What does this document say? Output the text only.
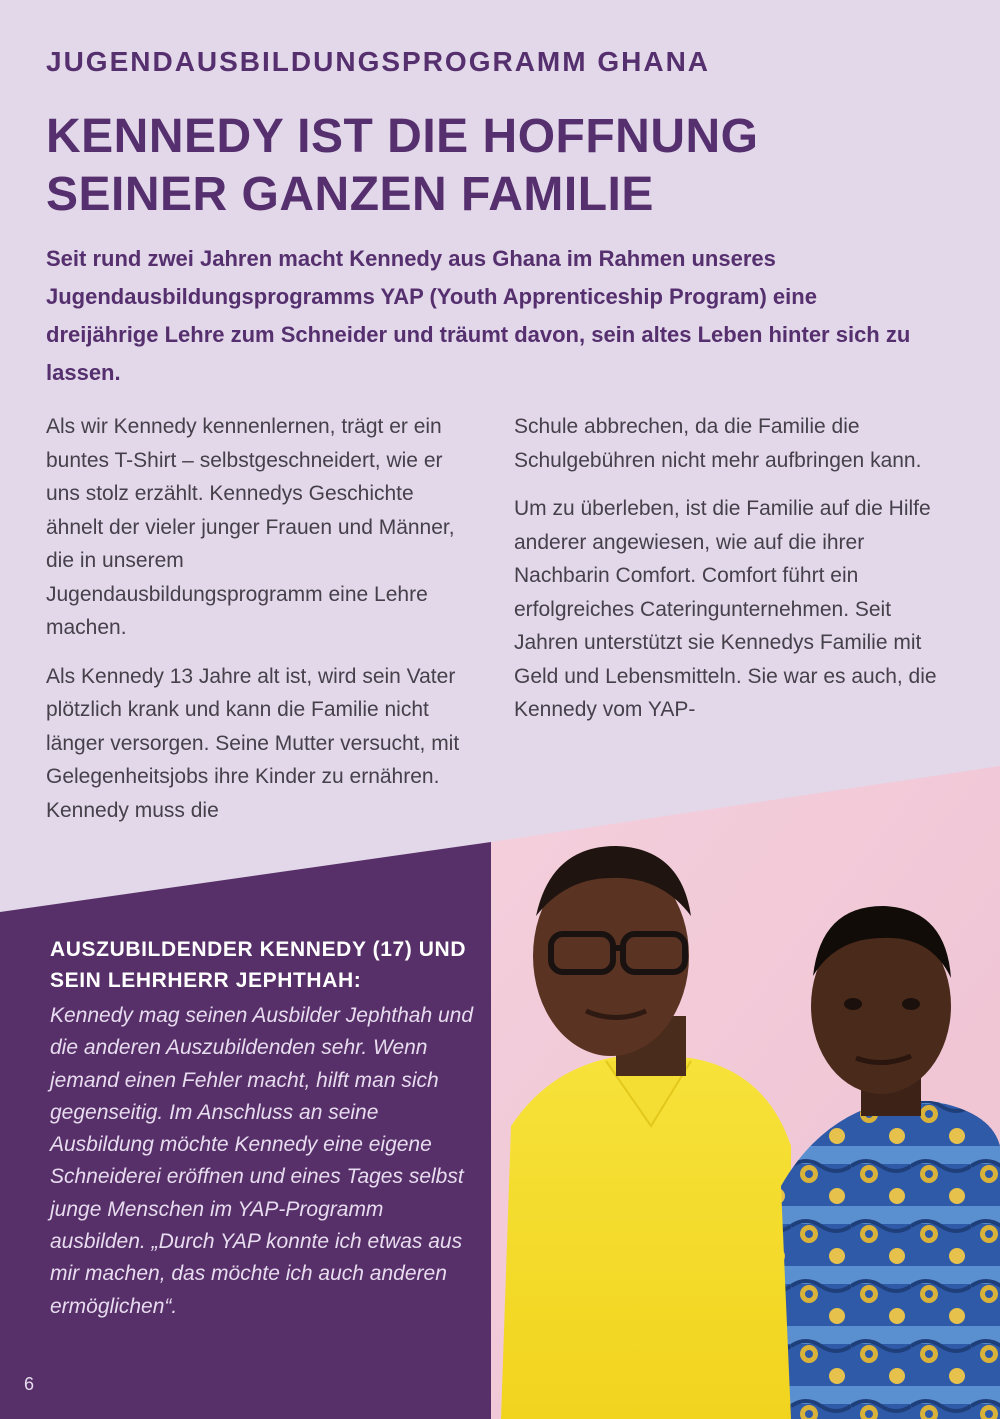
JUGENDAUSBILDUNGSPROGRAMM GHANA
KENNEDY IST DIE HOFFNUNG
SEINER GANZEN FAMILIE

Seit rund zwei Jahren macht Kennedy aus Ghana im Rahmen unseres Jugendausbildungsprogramms YAP (Youth Apprenticeship Program) eine dreijährige Lehre zum Schneider und träumt davon, sein altes Leben hinter sich zu lassen.

Als wir Kennedy kennenlernen, trägt er ein buntes T-Shirt – selbstgeschneidert, wie er uns stolz erzählt. Kennedys Geschichte ähnelt der vieler junger Frauen und Männer, die in unserem Jugendausbildungsprogramm eine Lehre machen.

Als Kennedy 13 Jahre alt ist, wird sein Vater plötzlich krank und kann die Familie nicht länger versorgen. Seine Mutter versucht, mit Gelegenheitsjobs ihre Kinder zu ernähren. Kennedy muss die

Schule abbrechen, da die Familie die Schulgebühren nicht mehr aufbringen kann.

Um zu überleben, ist die Familie auf die Hilfe anderer angewiesen, wie auf die ihrer Nachbarin Comfort. Comfort führt ein erfolgreiches Cateringunternehmen. Seit Jahren unterstützt sie Kennedys Familie mit Geld und Lebensmitteln. Sie war es auch, die Kennedy vom YAP-

AUSZUBILDENDER KENNEDY (17) UND SEIN LEHRHERR JEPHTHAH:

Kennedy mag seinen Ausbilder Jephthah und die anderen Auszubildenden sehr. Wenn jemand einen Fehler macht, hilft man sich gegenseitig. Im Anschluss an seine Ausbildung möchte Kennedy eine eigene Schneiderei eröffnen und eines Tages selbst junge Menschen im YAP-Programm ausbilden. „Durch YAP konnte ich etwas aus mir machen, das möchte ich auch anderen ermöglichen“.

6
